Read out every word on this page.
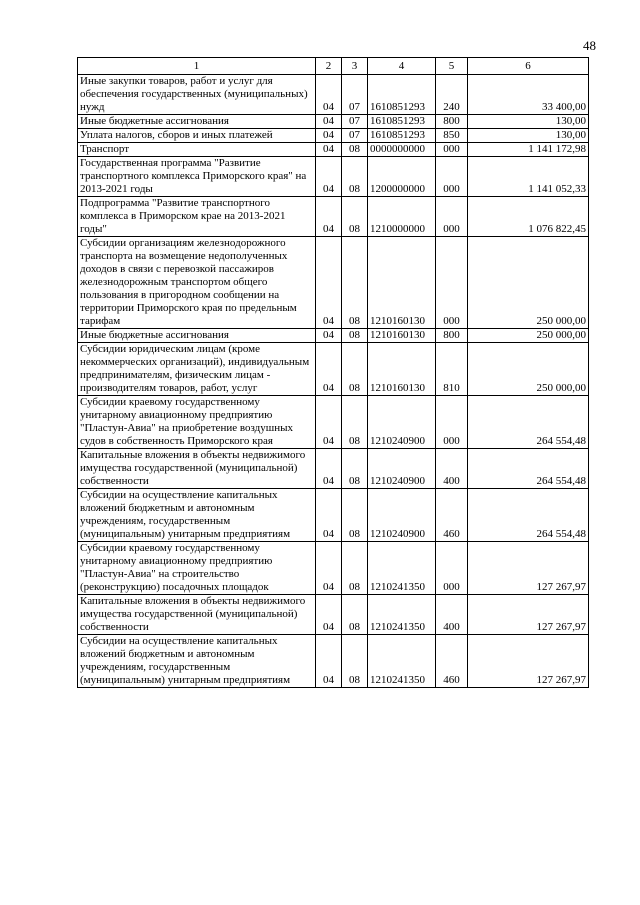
48
1	2	3	4	5	6
Иные закупки товаров, работ и услуг для обеспечения государственных (муниципальных) нужд	04	07	1610851293	240	33 400,00
Иные бюджетные ассигнования	04	07	1610851293	800	130,00
Уплата налогов, сборов и иных платежей	04	07	1610851293	850	130,00
Транспорт	04	08	0000000000	000	1 141 172,98
Государственная программа "Развитие транспортного комплекса Приморского края" на 2013-2021 годы	04	08	1200000000	000	1 141 052,33
Подпрограмма "Развитие транспортного комплекса в Приморском крае на 2013-2021 годы"	04	08	1210000000	000	1 076 822,45
Субсидии организациям железнодорожного транспорта на возмещение недополученных доходов в связи с перевозкой пассажиров железнодорожным транспортом общего пользования в пригородном сообщении на территории Приморского края по предельным тарифам	04	08	1210160130	000	250 000,00
Иные бюджетные ассигнования	04	08	1210160130	800	250 000,00
Субсидии юридическим лицам (кроме некоммерческих организаций), индивидуальным предпринимателям, физическим лицам - производителям товаров, работ, услуг	04	08	1210160130	810	250 000,00
Субсидии краевому государственному унитарному авиационному предприятию "Пластун-Авиа" на приобретение воздушных судов в собственность Приморского края	04	08	1210240900	000	264 554,48
Капитальные вложения в объекты недвижимого имущества государственной (муниципальной) собственности	04	08	1210240900	400	264 554,48
Субсидии на осуществление капитальных вложений бюджетным и автономным учреждениям, государственным (муниципальным) унитарным предприятиям	04	08	1210240900	460	264 554,48
Субсидии краевому государственному унитарному авиационному предприятию "Пластун-Авиа" на строительство (реконструкцию) посадочных площадок	04	08	1210241350	000	127 267,97
Капитальные вложения в объекты недвижимого имущества государственной (муниципальной) собственности	04	08	1210241350	400	127 267,97
Субсидии на осуществление капитальных вложений бюджетным и автономным учреждениям, государственным (муниципальным) унитарным предприятиям	04	08	1210241350	460	127 267,97
